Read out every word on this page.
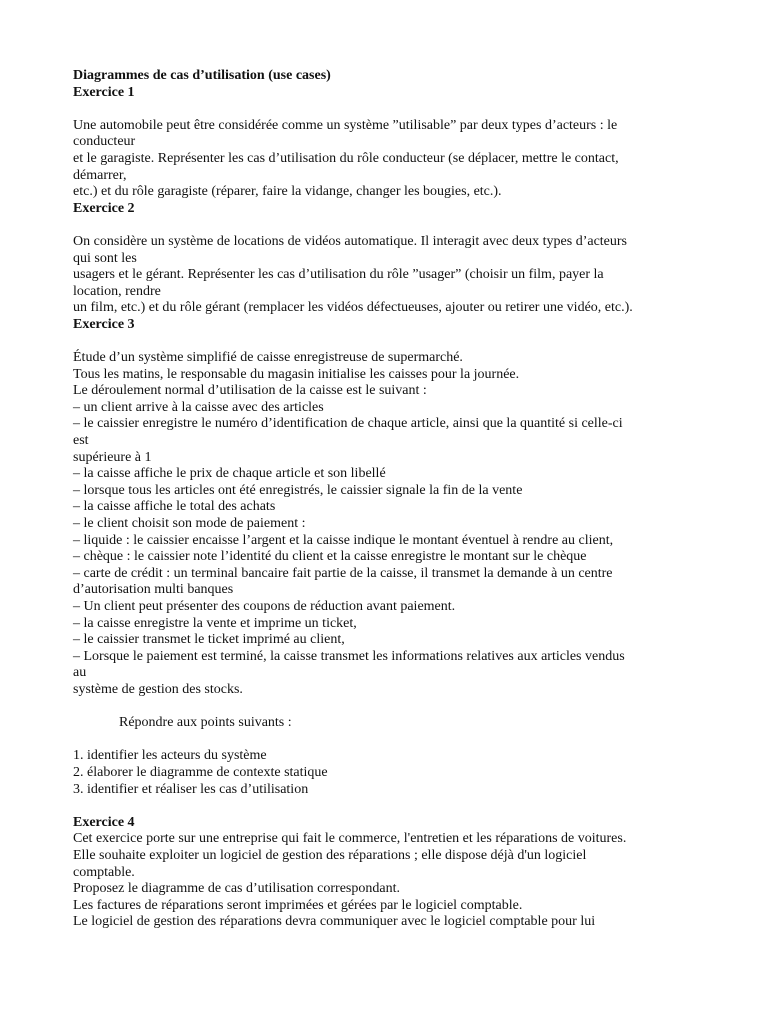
Diagrammes de cas d’utilisation (use cases)
Exercice 1
Une automobile peut être considérée comme un système ”utilisable” par deux types d’acteurs : le
conducteur
et le garagiste. Représenter les cas d’utilisation du rôle conducteur (se déplacer, mettre le contact,
démarrer,
etc.) et du rôle garagiste (réparer, faire la vidange, changer les bougies, etc.).
Exercice 2
On considère un système de locations de vidéos automatique. Il interagit avec deux types d’acteurs
qui sont les
usagers et le gérant. Représenter les cas d’utilisation du rôle ”usager” (choisir un film, payer la
location, rendre
un film, etc.) et du rôle gérant (remplacer les vidéos défectueuses, ajouter ou retirer une vidéo, etc.).
Exercice 3
Étude d’un système simplifié de caisse enregistreuse de supermarché.
Tous les matins, le responsable du magasin initialise les caisses pour la journée.
Le déroulement normal d’utilisation de la caisse est le suivant :
– un client arrive à la caisse avec des articles
– le caissier enregistre le numéro d’identification de chaque article, ainsi que la quantité si celle-ci
est
supérieure à 1
– la caisse affiche le prix de chaque article et son libellé
– lorsque tous les articles ont été enregistrés, le caissier signale la fin de la vente
– la caisse affiche le total des achats
– le client choisit son mode de paiement :
– liquide : le caissier encaisse l’argent et la caisse indique le montant éventuel à rendre au client,
– chèque : le caissier note l’identité du client et la caisse enregistre le montant sur le chèque
– carte de crédit : un terminal bancaire fait partie de la caisse, il transmet la demande à un centre
d’autorisation multi banques
– Un client peut présenter des coupons de réduction avant paiement.
– la caisse enregistre la vente et imprime un ticket,
– le caissier transmet le ticket imprimé au client,
– Lorsque le paiement est terminé, la caisse transmet les informations relatives aux articles vendus
au
système de gestion des stocks.
Répondre aux points suivants :
1. identifier les acteurs du système
2. élaborer le diagramme de contexte statique
3. identifier et réaliser les cas d’utilisation
Exercice 4
Cet exercice porte sur une entreprise qui fait le commerce, l'entretien et les réparations de voitures.
Elle souhaite exploiter un logiciel de gestion des réparations ; elle dispose déjà d'un logiciel
comptable.
Proposez le diagramme de cas d’utilisation correspondant.
Les factures de réparations seront imprimées et gérées par le logiciel comptable.
Le logiciel de gestion des réparations devra communiquer avec le logiciel comptable pour lui
